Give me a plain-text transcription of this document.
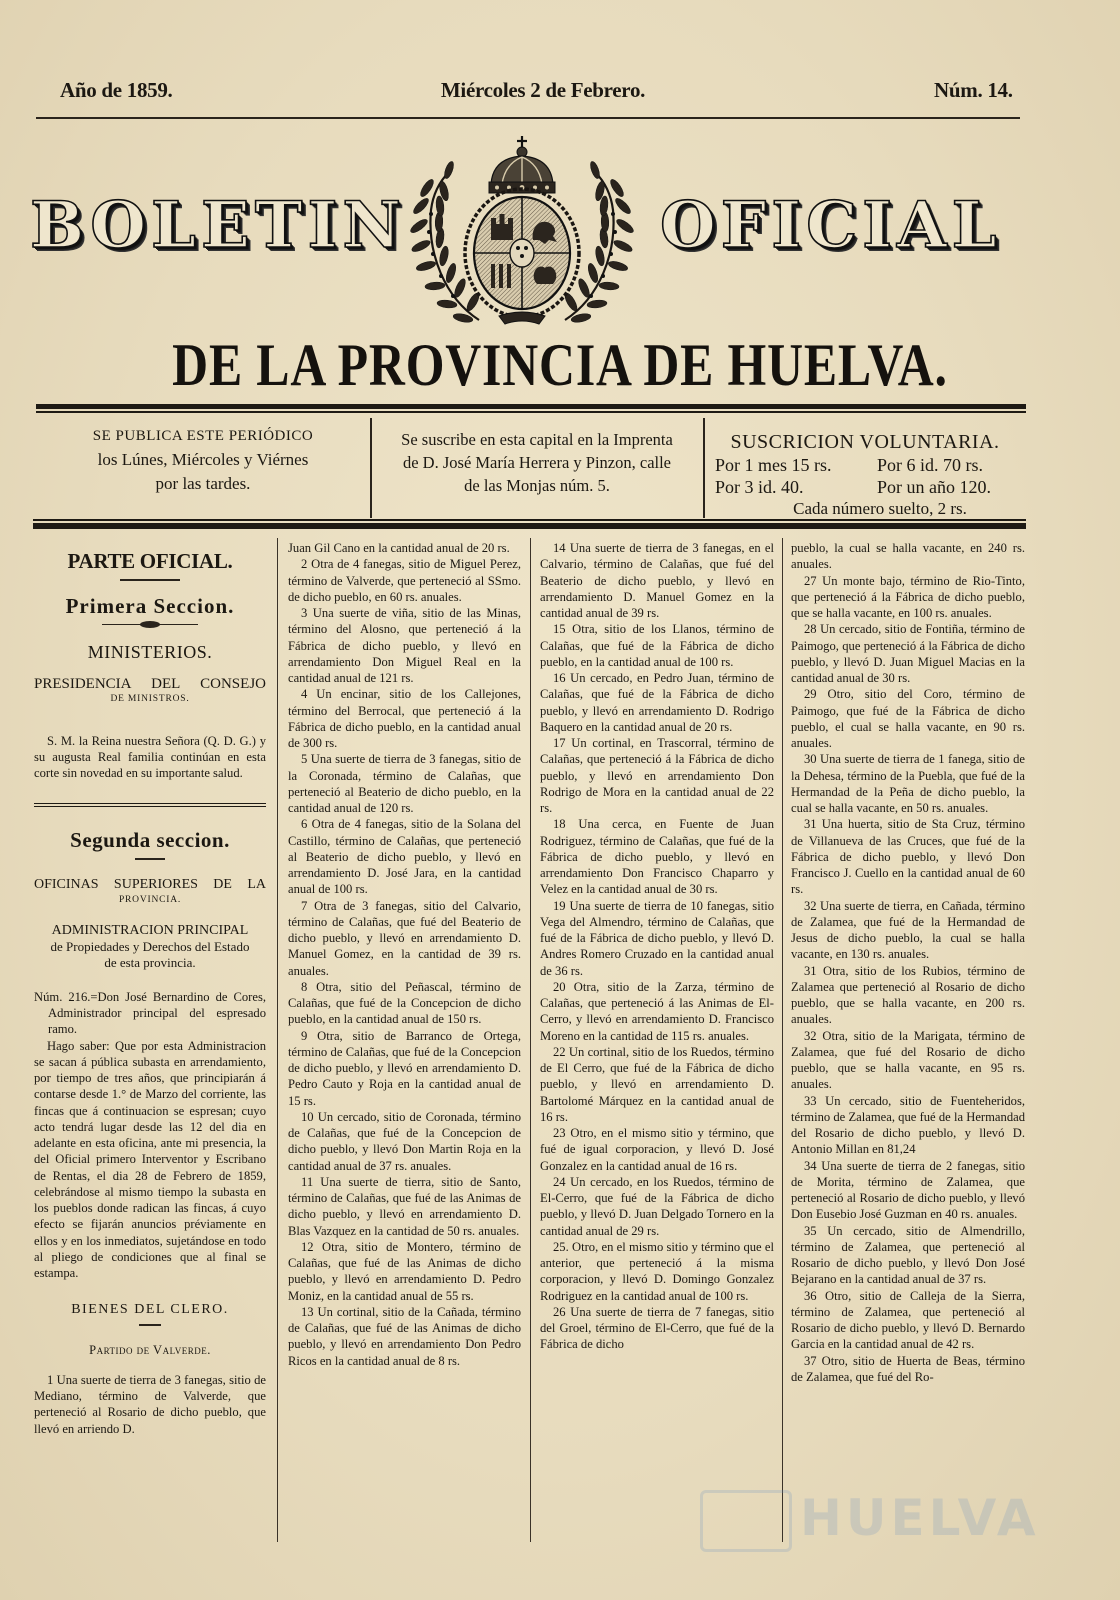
Año de 1859.	Miércoles 2 de Febrero.	Núm. 14.
BOLETIN	OFICIAL
DE LA PROVINCIA DE HUELVA.
SE PUBLICA ESTE PERIÓDICO
los Lúnes, Miércoles y Viérnes
por las tardes.
Se suscribe en esta capital en la Imprenta
de D. José María Herrera y Pinzon, calle
de las Monjas núm. 5.
SUSCRICION VOLUNTARIA.
Por 1 mes 15 rs.	Por 6 id. 70 rs.
Por 3 id. 40.	Por un año 120.
Cada número suelto, 2 rs.
PARTE OFICIAL.
Primera Seccion.
MINISTERIOS.
PRESIDENCIA DEL CONSEJO
DE MINISTROS.

S. M. la Reina nuestra Señora (Q. D. G.) y su augusta Real familia continúan en esta corte sin novedad en su importante salud.

Segunda seccion.
OFICINAS SUPERIORES DE LA
PROVINCIA.
ADMINISTRACION PRINCIPAL
de Propiedades y Derechos del Estado de esta provincia.

Núm. 216.=Don José Bernardino de Cores, Administrador principal del espresado ramo.

Hago saber: Que por esta Administracion se sacan á pública subasta en arrendamiento, por tiempo de tres años, que principiarán á contarse desde 1.° de Marzo del corriente, las fincas que á continuacion se espresan; cuyo acto tendrá lugar desde las 12 del dia en adelante en esta oficina, ante mi presencia, la del Oficial primero Interventor y Escribano de Rentas, el dia 28 de Febrero de 1859, celebrándose al mismo tiempo la subasta en los pueblos donde radican las fincas, á cuyo efecto se fijarán anuncios préviamente en ellos y en los inmediatos, sujetándose en todo al pliego de condiciones que al final se estampa.

BIENES DEL CLERO.
Partido de Valverde.

1 Una suerte de tierra de 3 fanegas, sitio de Mediano, término de Valverde, que perteneció al Rosario de dicho pueblo, que llevó en arriendo D.

Juan Gil Cano en la cantidad anual de 20 rs.

2 Otra de 4 fanegas, sitio de Miguel Perez, término de Valverde, que perteneció al SSmo. de dicho pueblo, en 60 rs. anuales.

3 Una suerte de viña, sitio de las Minas, término del Alosno, que perteneció á la Fábrica de dicho pueblo, y llevó en arrendamiento Don Miguel Real en la cantidad anual de 121 rs.

4 Un encinar, sitio de los Callejones, término del Berrocal, que perteneció á la Fábrica de dicho pueblo, en la cantidad anual de 300 rs.

5 Una suerte de tierra de 3 fanegas, sitio de la Coronada, término de Calañas, que perteneció al Beaterio de dicho pueblo, en la cantidad anual de 120 rs.

6 Otra de 4 fanegas, sitio de la Solana del Castillo, término de Calañas, que perteneció al Beaterio de dicho pueblo, y llevó en arrendamiento D. José Jara, en la cantidad anual de 100 rs.

7 Otra de 3 fanegas, sitio del Calvario, término de Calañas, que fué del Beaterio de dicho pueblo, y llevó en arrendamiento D. Manuel Gomez, en la cantidad de 39 rs. anuales.

8 Otra, sitio del Peñascal, término de Calañas, que fué de la Concepcion de dicho pueblo, en la cantidad anual de 150 rs.

9 Otra, sitio de Barranco de Ortega, término de Calañas, que fué de la Concepcion de dicho pueblo, y llevó en arrendamiento D. Pedro Cauto y Roja en la cantidad anual de 15 rs.

10 Un cercado, sitio de Coronada, término de Calañas, que fué de la Concepcion de dicho pueblo, y llevó Don Martin Roja en la cantidad anual de 37 rs. anuales.

11 Una suerte de tierra, sitio de Santo, término de Calañas, que fué de las Animas de dicho pueblo, y llevó en arrendamiento D. Blas Vazquez en la cantidad de 50 rs. anuales.

12 Otra, sitio de Montero, término de Calañas, que fué de las Animas de dicho pueblo, y llevó en arrendamiento D. Pedro Moniz, en la cantidad anual de 55 rs.

13 Un cortinal, sitio de la Cañada, término de Calañas, que fué de las Animas de dicho pueblo, y llevó en arrendamiento Don Pedro Ricos en la cantidad anual de 8 rs.

14 Una suerte de tierra de 3 fanegas, en el Calvario, término de Calañas, que fué del Beaterio de dicho pueblo, y llevó en arrendamiento D. Manuel Gomez en la cantidad anual de 39 rs.

15 Otra, sitio de los Llanos, término de Calañas, que fué de la Fábrica de dicho pueblo, en la cantidad anual de 100 rs.

16 Un cercado, en Pedro Juan, término de Calañas, que fué de la Fábrica de dicho pueblo, y llevó en arrendamiento D. Rodrigo Baquero en la cantidad anual de 20 rs.

17 Un cortinal, en Trascorral, término de Calañas, que perteneció á la Fábrica de dicho pueblo, y llevó en arrendamiento Don Rodrigo de Mora en la cantidad anual de 22 rs.

18 Una cerca, en Fuente de Juan Rodriguez, término de Calañas, que fué de la Fábrica de dicho pueblo, y llevó en arrendamiento Don Francisco Chaparro y Velez en la cantidad anual de 30 rs.

19 Una suerte de tierra de 10 fanegas, sitio Vega del Almendro, término de Calañas, que fué de la Fábrica de dicho pueblo, y llevó D. Andres Romero Cruzado en la cantidad anual de 36 rs.

20 Otra, sitio de la Zarza, término de Calañas, que perteneció á las Animas de El-Cerro, y llevó en arrendamiento D. Francisco Moreno en la cantidad de 115 rs. anuales.

22 Un cortinal, sitio de los Ruedos, término de El Cerro, que fué de la Fábrica de dicho pueblo, y llevó en arrendamiento D. Bartolomé Márquez en la cantidad anual de 16 rs.

23 Otro, en el mismo sitio y término, que fué de igual corporacion, y llevó D. José Gonzalez en la cantidad anual de 16 rs.

24 Un cercado, en los Ruedos, término de El-Cerro, que fué de la Fábrica de dicho pueblo, y llevó D. Juan Delgado Tornero en la cantidad anual de 29 rs.

25. Otro, en el mismo sitio y término que el anterior, que perteneció á la misma corporacion, y llevó D. Domingo Gonzalez Rodriguez en la cantidad anual de 100 rs.

26 Una suerte de tierra de 7 fanegas, sitio del Groel, término de El-Cerro, que fué de la Fábrica de dicho

pueblo, la cual se halla vacante, en 240 rs. anuales.

27 Un monte bajo, término de Rio-Tinto, que perteneció á la Fábrica de dicho pueblo, que se halla vacante, en 100 rs. anuales.

28 Un cercado, sitio de Fontiña, término de Paimogo, que perteneció á la Fábrica de dicho pueblo, y llevó D. Juan Miguel Macias en la cantidad anual de 30 rs.

29 Otro, sitio del Coro, término de Paimogo, que fué de la Fábrica de dicho pueblo, el cual se halla vacante, en 90 rs. anuales.

30 Una suerte de tierra de 1 fanega, sitio de la Dehesa, término de la Puebla, que fué de la Hermandad de la Peña de dicho pueblo, la cual se halla vacante, en 50 rs. anuales.

31 Una huerta, sitio de Sta Cruz, término de Villanueva de las Cruces, que fué de la Fábrica de dicho pueblo, y llevó Don Francisco J. Cuello en la cantidad anual de 60 rs.

32 Una suerte de tierra, en Cañada, término de Zalamea, que fué de la Hermandad de Jesus de dicho pueblo, la cual se halla vacante, en 130 rs. anuales.

31 Otra, sitio de los Rubios, término de Zalamea que perteneció al Rosario de dicho pueblo, que se halla vacante, en 200 rs. anuales.

32 Otra, sitio de la Marigata, término de Zalamea, que fué del Rosario de dicho pueblo, que se halla vacante, en 95 rs. anuales.

33 Un cercado, sitio de Fuenteheridos, término de Zalamea, que fué de la Hermandad del Rosario de dicho pueblo, y llevó D. Antonio Millan en 81,24

34 Una suerte de tierra de 2 fanegas, sitio de Morita, término de Zalamea, que perteneció al Rosario de dicho pueblo, y llevó Don Eusebio José Guzman en 40 rs. anuales.

35 Un cercado, sitio de Almendrillo, término de Zalamea, que perteneció al Rosario de dicho pueblo, y llevó Don José Bejarano en la cantidad anual de 37 rs.

36 Otro, sitio de Calleja de la Sierra, término de Zalamea, que perteneció al Rosario de dicho pueblo, y llevó D. Bernardo Garcia en la cantidad anual de 42 rs.

37 Otro, sitio de Huerta de Beas, término de Zalamea, que fué del Ro-

HUELVA
